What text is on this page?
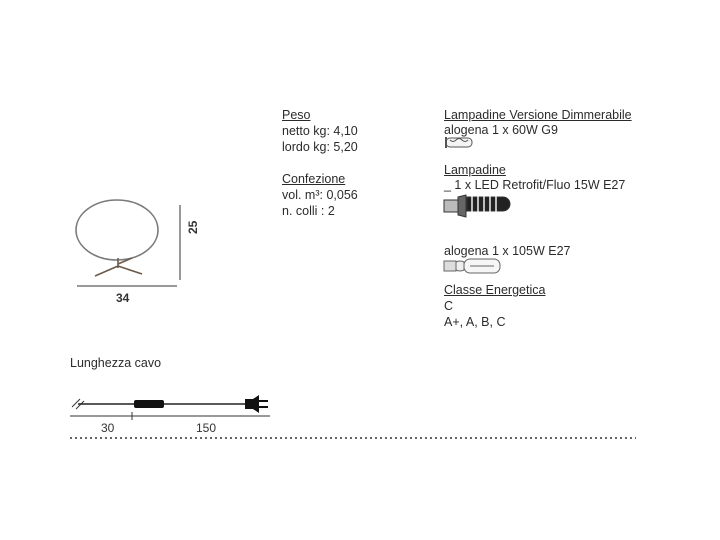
34
25
Peso
netto kg: 4,10
lordo kg: 5,20
Confezione
vol. m³: 0,056
n. colli : 2
Lampadine Versione Dimmerabile
alogena 1 x 60W G9
Lampadine
_ 1 x LED Retrofit/Fluo 15W E27
alogena 1 x 105W E27
Classe Energetica
C
A+, A, B, C
Lunghezza cavo
30	150
